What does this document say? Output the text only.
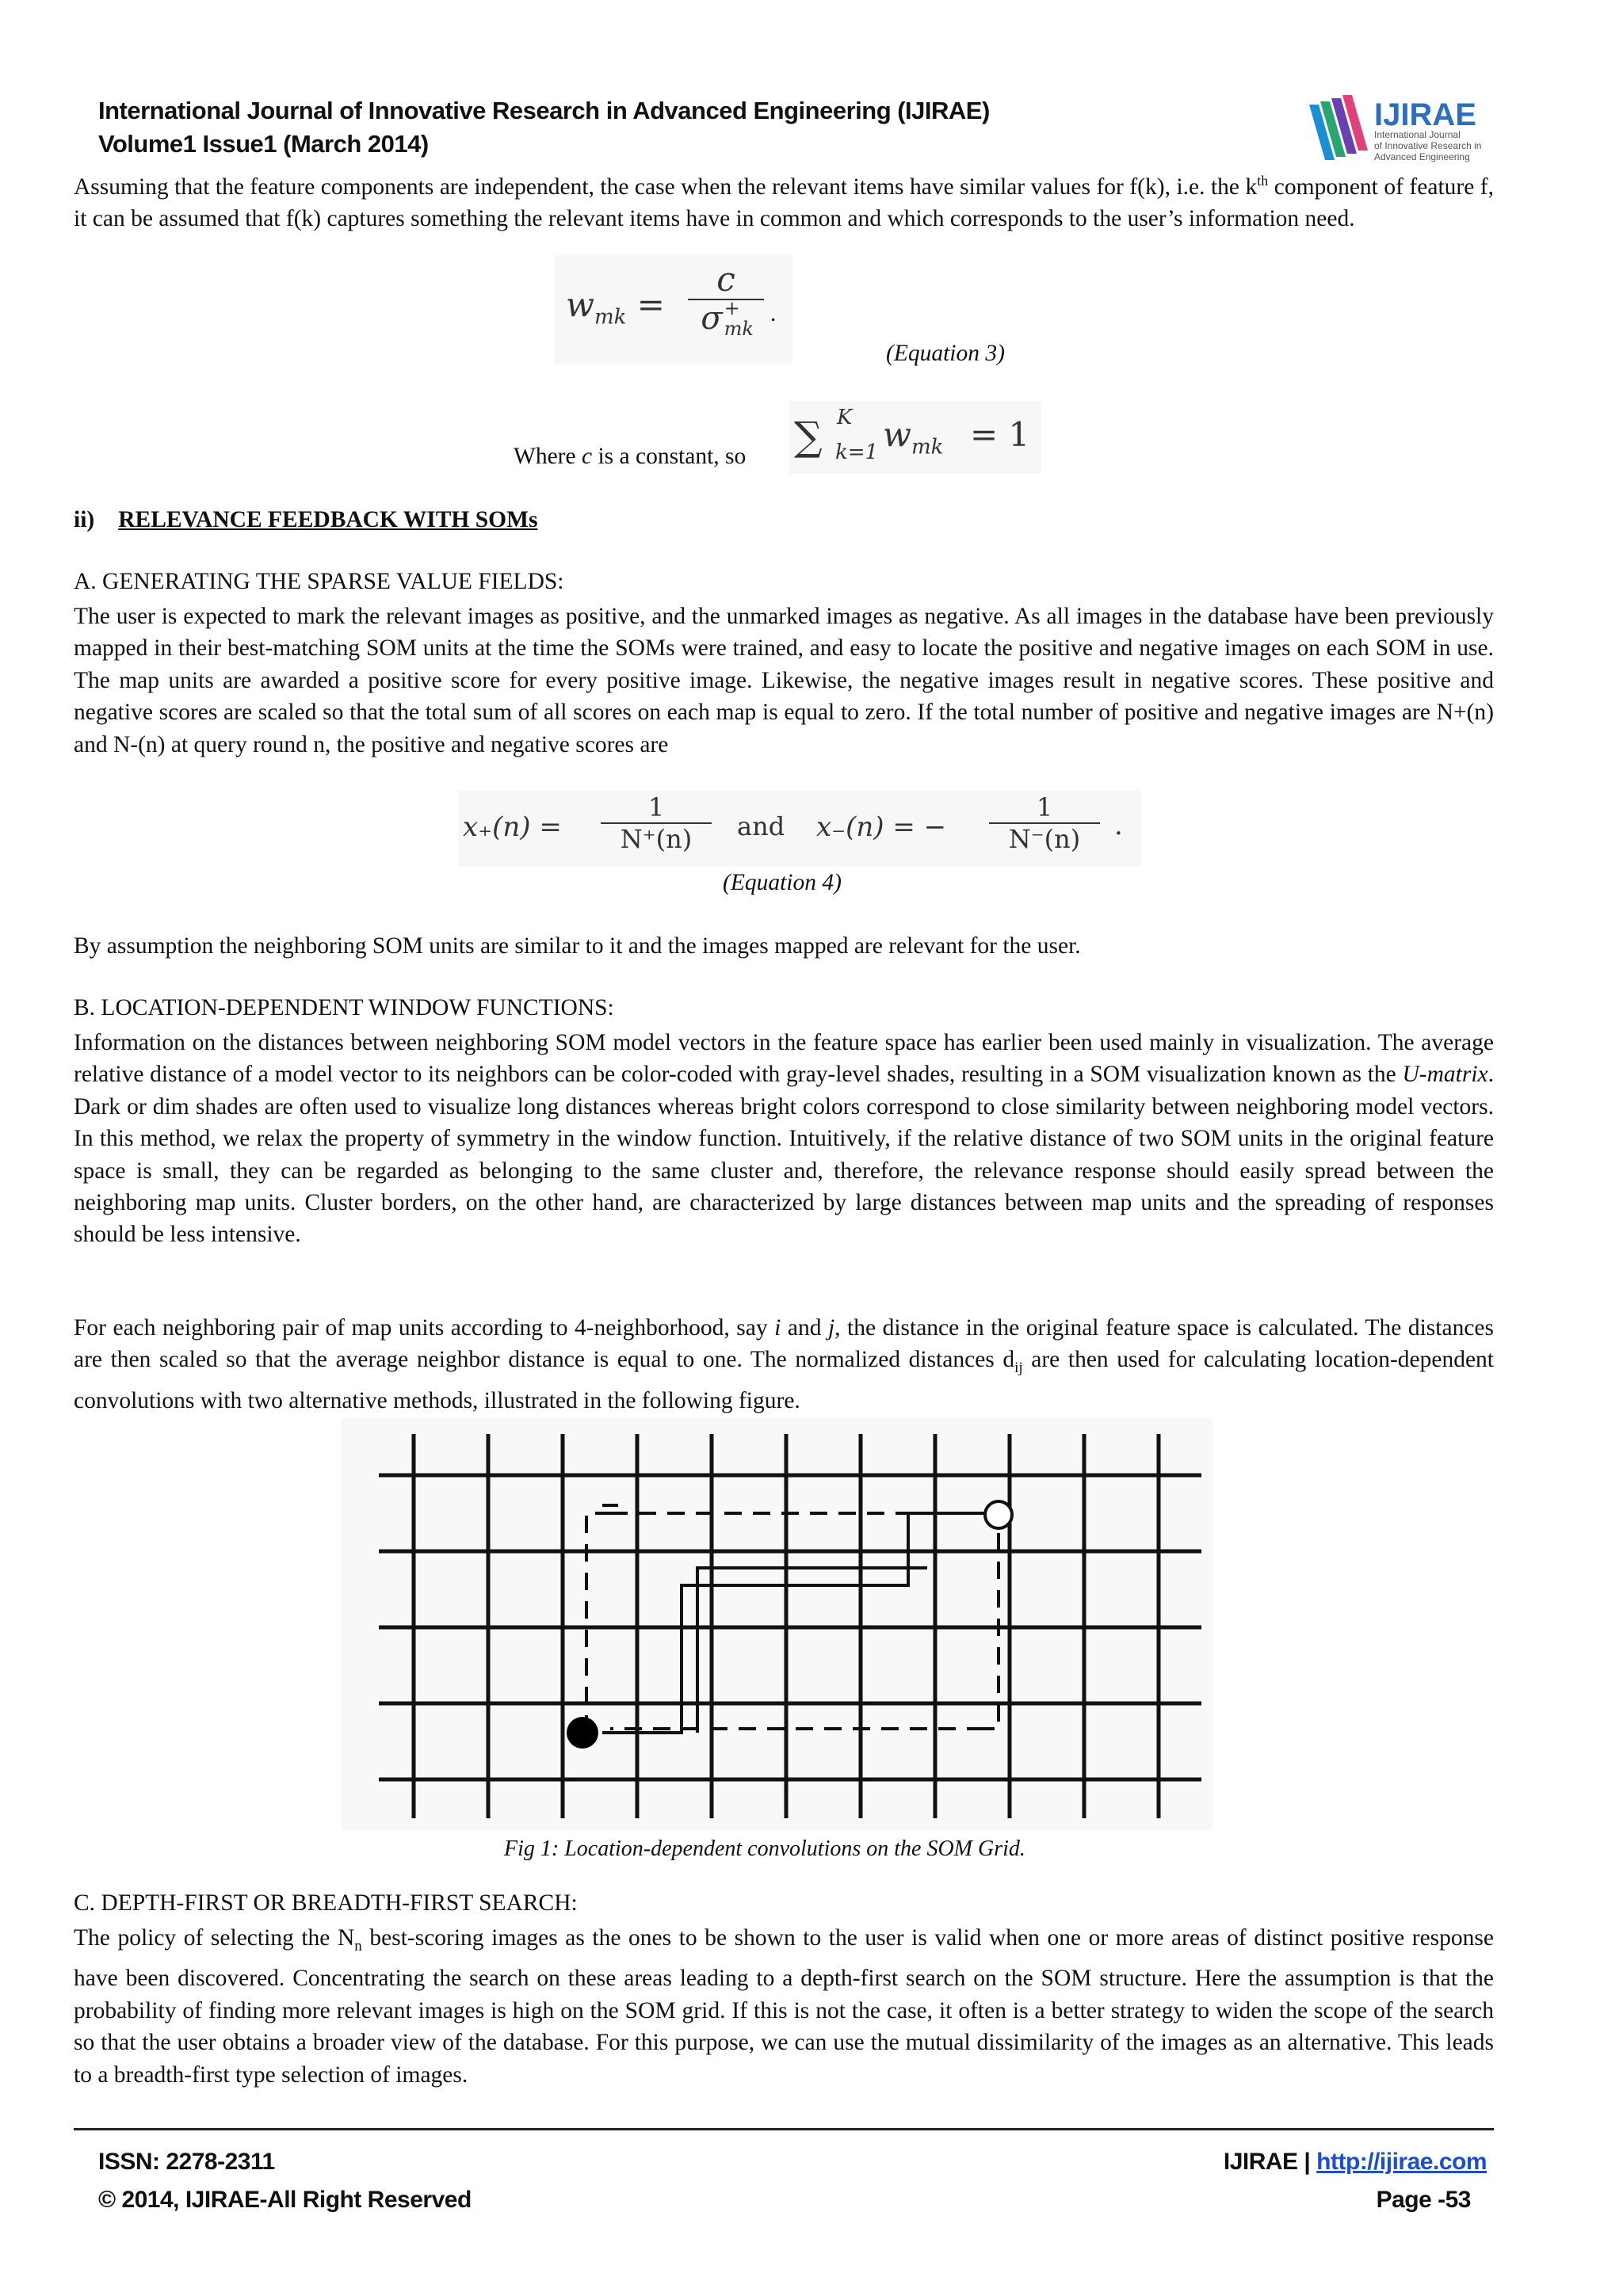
International Journal of Innovative Research in Advanced Engineering (IJIRAE)
Volume1 Issue1 (March 2014)
IJIRAE
International Journal
of Innovative Research in
Advanced Engineering

Assuming that the feature components are independent, the case when the relevant items have similar values for f(k), i.e. the $k^{th}$ component of feature f, it can be assumed that f(k) captures something the relevant items have in common and which corresponds to the user’s information need.

$w_{mk}$ =
c
σ +
mk
.
(Equation 3)
Where c is a constant, so ∑ K
k=1 $w_{mk} = 1$
ii) RELEVANCE FEEDBACK WITH SOMs
A. GENERATING THE SPARSE VALUE FIELDS:

The user is expected to mark the relevant images as positive, and the unmarked images as negative. As all images in the database have been previously mapped in their best-matching SOM units at the time the SOMs were trained, and easy to locate the positive and negative images on each SOM in use. The map units are awarded a positive score for every positive image. Likewise, the negative images result in negative scores. These positive and negative scores are scaled so that the total sum of all scores on each map is equal to zero. If the total number of positive and negative images are N+(n) and N-(n) at query round n, the positive and negative scores are

$x_+(n) = \frac{1}{N^+(n)}$ and x₋(n) = − $\frac{1}{N^-(n)}$ .
(Equation 4)
By assumption the neighboring SOM units are similar to it and the images mapped are relevant for the user.
B. LOCATION-DEPENDENT WINDOW FUNCTIONS:

Information on the distances between neighboring SOM model vectors in the feature space has earlier been used mainly in visualization. The average relative distance of a model vector to its neighbors can be color-coded with gray-level shades, resulting in a SOM visualization known as the U-matrix. Dark or dim shades are often used to visualize long distances whereas bright colors correspond to close similarity between neighboring model vectors. In this method, we relax the property of symmetry in the window function. Intuitively, if the relative distance of two SOM units in the original feature space is small, they can be regarded as belonging to the same cluster and, therefore, the relevance response should easily spread between the neighboring map units. Cluster borders, on the other hand, are characterized by large distances between map units and the spreading of responses should be less intensive.

For each neighboring pair of map units according to 4-neighborhood, say i and j, the distance in the original feature space is calculated. The distances are then scaled so that the average neighbor distance is equal to one. The normalized distances $d_{ij}$ are then used for calculating location-dependent convolutions with two alternative methods, illustrated in the following figure.

Fig 1: Location-dependent convolutions on the SOM Grid.
C. DEPTH-FIRST OR BREADTH-FIRST SEARCH:

The policy of selecting the $N_n$ best-scoring images as the ones to be shown to the user is valid when one or more areas of distinct positive response have been discovered. Concentrating the search on these areas leading to a depth-first search on the SOM structure. Here the assumption is that the probability of finding more relevant images is high on the SOM grid. If this is not the case, it often is a better strategy to widen the scope of the search so that the user obtains a broader view of the database. For this purpose, we can use the mutual dissimilarity of the images as an alternative. This leads to a breadth-first type selection of images.

ISSN: 2278-2311
© 2014, IJIRAE-All Right Reserved
IJIRAE | http://ijirae.com
Page -53
